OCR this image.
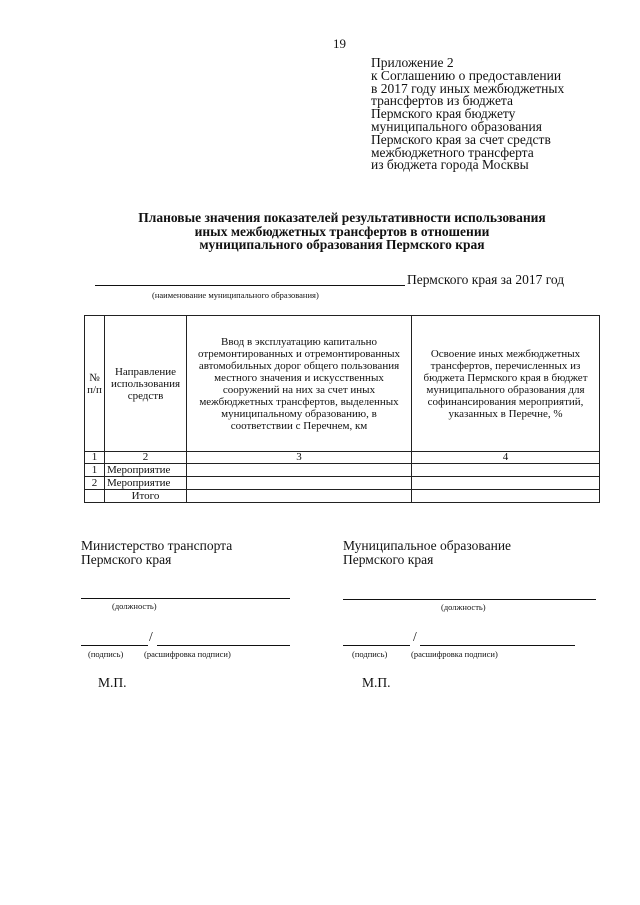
19
Приложение 2
к Соглашению о предоставлении
в 2017 году иных межбюджетных
трансфертов из бюджета
Пермского края бюджету
муниципального образования
Пермского края за счет средств
межбюджетного трансферта
из бюджета города Москвы
Плановые значения показателей результативности использования
иных межбюджетных трансфертов в отношении
муниципального образования Пермского края
Пермского края за 2017 год
(наименование муниципального образования)
№ п/п	Направление использования средств	Ввод в эксплуатацию капитально отремонтированных и отремонтированных автомобильных дорог общего пользования местного значения и искусственных сооружений на них за счет иных межбюджетных трансфертов, выделенных муниципальному образованию, в соответствии с Перечнем, км	Освоение иных межбюджетных трансфертов, перечисленных из бюджета Пермского края в бюджет муниципального образования для софинансирования мероприятий, указанных в Перечне, %
1	2	3	4
1	Мероприятие		
2	Мероприятие		
	Итого		
Министерство транспорта
Пермского края
(должность)
/
(подпись) (расшифровка подписи)
М.П.
Муниципальное образование
Пермского края
(должность)
/
(подпись)	(расшифровка подписи)
М.П.
